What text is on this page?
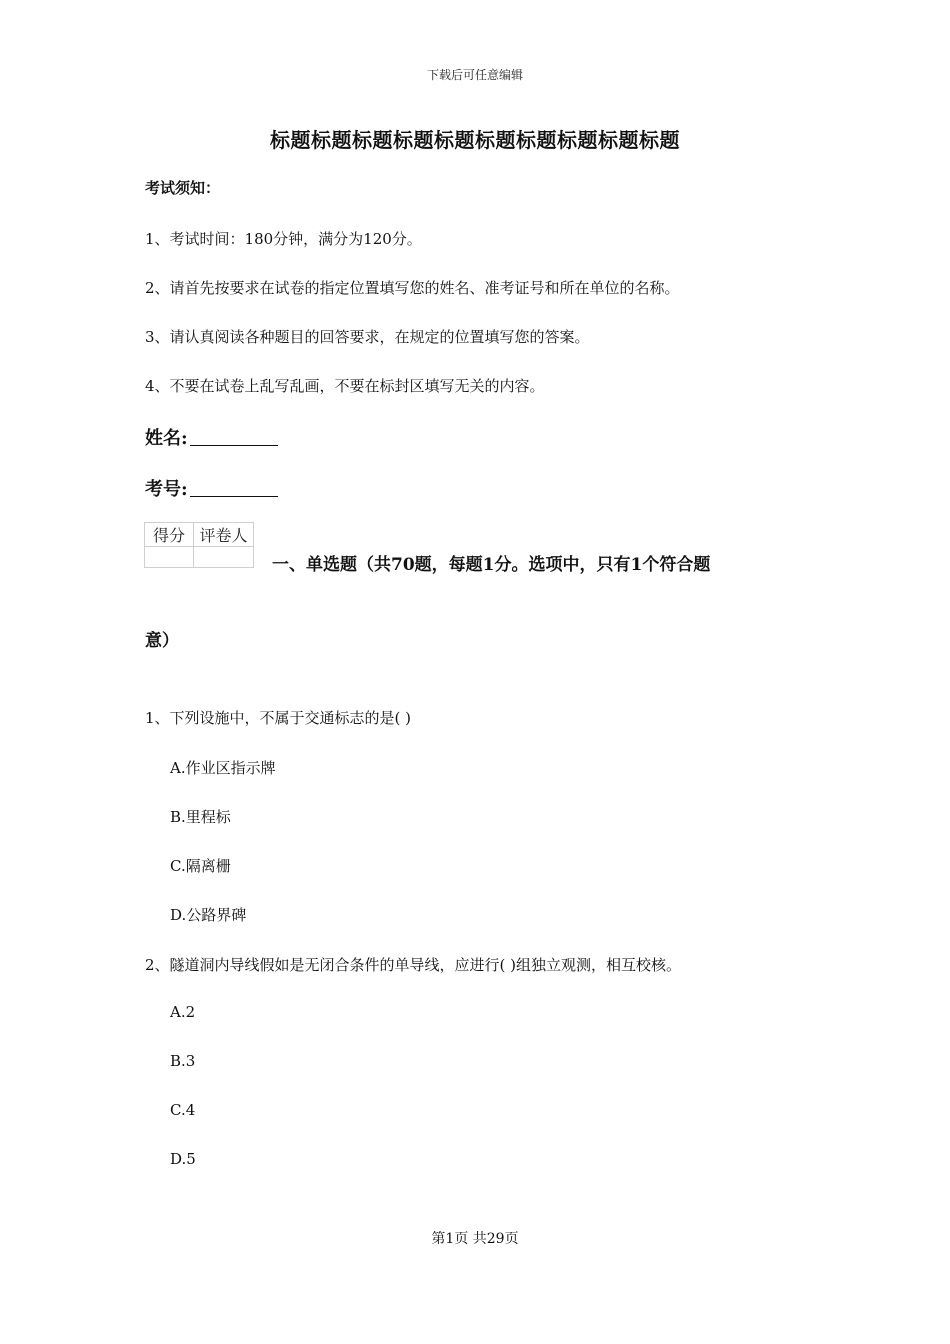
下载后可任意编辑
标题标题标题标题标题标题标题标题标题标题
考试须知：
1、考试时间：180分钟，满分为120分。
2、请首先按要求在试卷的指定位置填写您的姓名、准考证号和所在单位的名称。
3、请认真阅读各种题目的回答要求，在规定的位置填写您的答案。
4、不要在试卷上乱写乱画，不要在标封区填写无关的内容。
姓名:
考号:
得分	评卷人

一、单选题（共70题，每题1分。选项中，只有1个符合题
意）
1、下列设施中，不属于交通标志的是( )
A.作业区指示牌
B.里程标
C.隔离栅
D.公路界碑
2、隧道洞内导线假如是无闭合条件的单导线，应进行( )组独立观测，相互校核。
A.2
B.3
C.4
D.5
第1页 共29页
